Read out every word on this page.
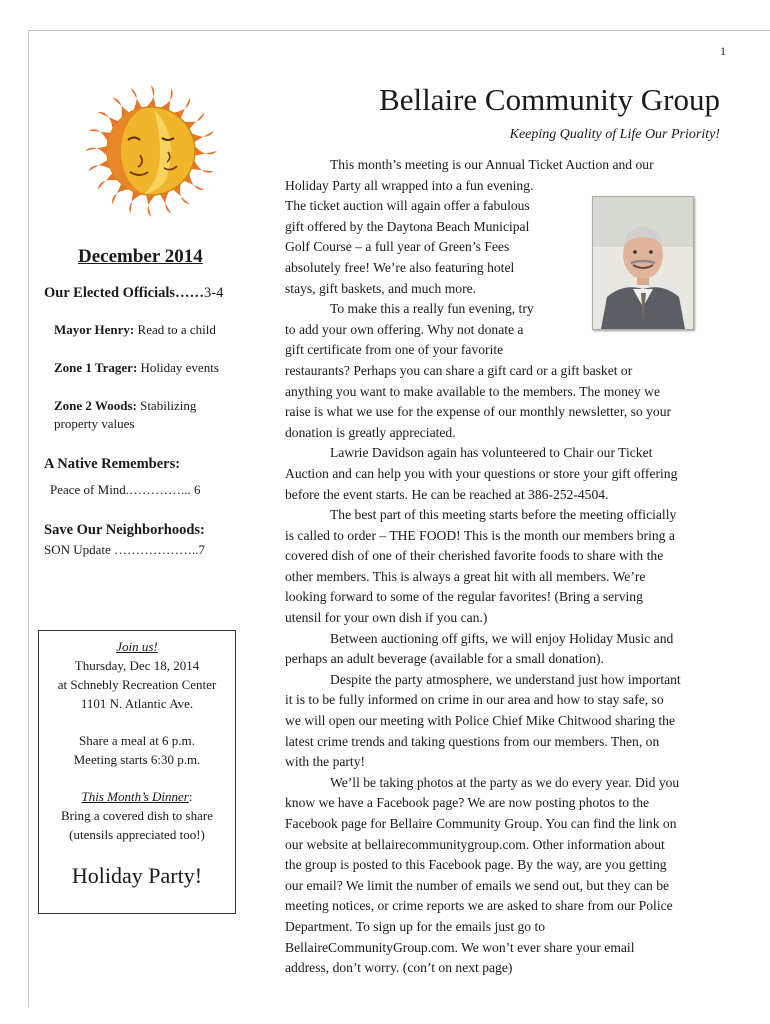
1
Bellaire Community Group
Keeping Quality of Life Our Priority!
December 2014
Our Elected Officials……3-4
Mayor Henry: Read to a child
Zone 1 Trager: Holiday events
Zone 2 Woods: Stabilizing
property values
A Native Remembers:
Peace of Mind.…………... 6
Save Our Neighborhoods:
SON Update ………………..7
Join us!
Thursday, Dec 18, 2014
at Schnebly Recreation Center
1101 N. Atlantic Ave.
Share a meal at 6 p.m.
Meeting starts 6:30 p.m.
This Month’s Dinner:
Bring a covered dish to share
(utensils appreciated too!)
Holiday Party!
This month’s meeting is our Annual Ticket Auction and our
Holiday Party all wrapped into a fun evening.
The ticket auction will again offer a fabulous
gift offered by the Daytona Beach Municipal
Golf Course – a full year of Green’s Fees
absolutely free! We’re also featuring hotel
stays, gift baskets, and much more.
To make this a really fun evening, try
to add your own offering. Why not donate a
gift certificate from one of your favorite
restaurants? Perhaps you can share a gift card or a gift basket or
anything you want to make available to the members. The money we
raise is what we use for the expense of our monthly newsletter, so your
donation is greatly appreciated.
Lawrie Davidson again has volunteered to Chair our Ticket
Auction and can help you with your questions or store your gift offering
before the event starts. He can be reached at 386-252-4504.
The best part of this meeting starts before the meeting officially
is called to order – THE FOOD! This is the month our members bring a
covered dish of one of their cherished favorite foods to share with the
other members. This is always a great hit with all members. We’re
looking forward to some of the regular favorites! (Bring a serving
utensil for your own dish if you can.)
Between auctioning off gifts, we will enjoy Holiday Music and
perhaps an adult beverage (available for a small donation).
Despite the party atmosphere, we understand just how important
it is to be fully informed on crime in our area and how to stay safe, so
we will open our meeting with Police Chief Mike Chitwood sharing the
latest crime trends and taking questions from our members. Then, on
with the party!
We’ll be taking photos at the party as we do every year. Did you
know we have a Facebook page? We are now posting photos to the
Facebook page for Bellaire Community Group. You can find the link on
our website at bellairecommunitygroup.com. Other information about
the group is posted to this Facebook page. By the way, are you getting
our email? We limit the number of emails we send out, but they can be
meeting notices, or crime reports we are asked to share from our Police
Department. To sign up for the emails just go to
BellaireCommunityGroup.com. We won’t ever share your email
address, don’t worry. (con’t on next page)
